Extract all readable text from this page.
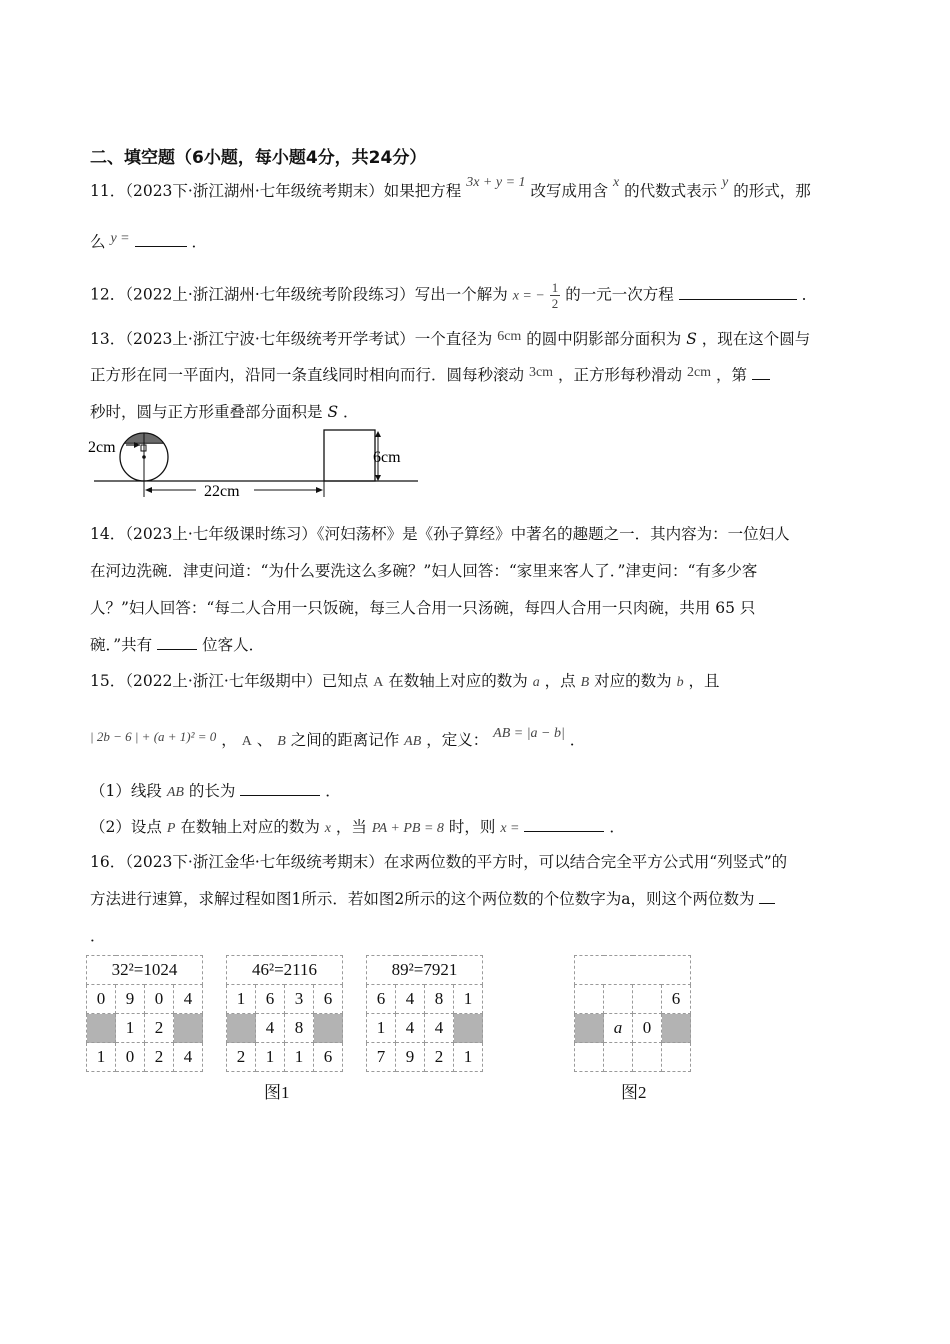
二、填空题（6小题，每小题4分，共24分）
11．（2023下·浙江湖州·七年级统考期末）如果把方程 3x + y = 1 改写成用含 x 的代数式表示 y 的形式，那
么 y =	．
12．（2022上·浙江湖州·七年级统考阶段练习）写出一个解为 x = − $\frac{1}{2}$ 的一元一次方程	．
13．（2023上·浙江宁波·七年级统考开学考试）一个直径为 6cm 的圆中阴影部分面积为 S ，现在这个圆与
正方形在同一平面内，沿同一条直线同时相向而行．圆每秒滚动 3cm ，正方形每秒滑动 2cm ，第
秒时，圆与正方形重叠部分面积是 S ．
2cm
6cm
22cm
14．（2023上·七年级课时练习）《河妇荡杯》是《孙子算经》中著名的趣题之一．其内容为：一位妇人
在河边洗碗．津吏问道：“为什么要洗这么多碗？”妇人回答：“家里来客人了．”津吏问：“有多少客
人？”妇人回答：“每二人合用一只饭碗，每三人合用一只汤碗，每四人合用一只肉碗，共用 65 只
碗．”共有	位客人．
15．（2022上·浙江·七年级期中）已知点 A 在数轴上对应的数为 a ，点 B 对应的数为 b ，且
$^{| 2b - 6 | + (a + 1)^2 = 0}$ ， A 、 B 之间的距离记作 AB ，定义： AB = |a − b| ．
（1）线段 AB 的长为	．
（2）设点 P 在数轴上对应的数为 x ，当 PA + PB = 8 时，则 x =	．
16．（2023下·浙江金华·七年级统考期末）在求两位数的平方时，可以结合完全平方公式用“列竖式”的
方法进行速算，求解过程如图1所示．若如图2所示的这个两位数的个位数字为a，则这个两位数为
．
32²=1024			
0	9	0	4
	1	2	
1	0	2	4
46²=2116			
1	6	3	6
	4	8	
2	1	1	6
89²=7921			
6	4	8	1
1	4	4	
7	9	2	1

			6
	a	0	

图1	图2
